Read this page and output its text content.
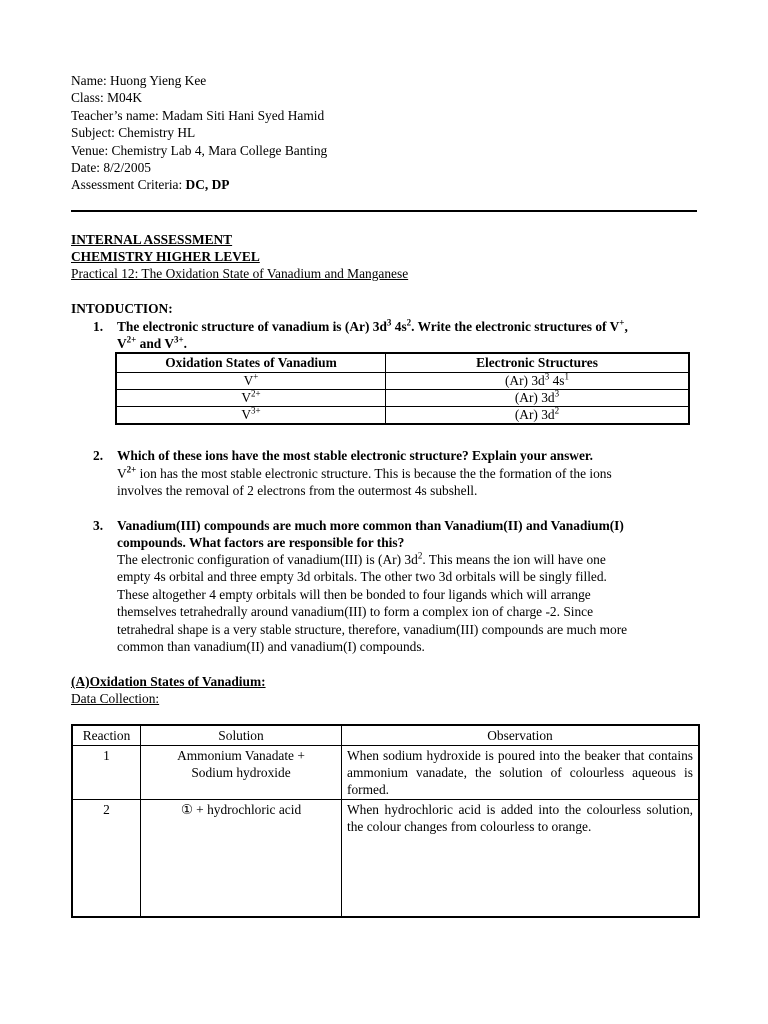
Name: Huong Yieng Kee
Class: M04K
Teacher’s name: Madam Siti Hani Syed Hamid
Subject: Chemistry HL
Venue: Chemistry Lab 4, Mara College Banting
Date: 8/2/2005
Assessment Criteria: DC, DP
INTERNAL ASSESSMENT
CHEMISTRY HIGHER LEVEL
Practical 12: The Oxidation State of Vanadium and Manganese
INTODUCTION:
1. The electronic structure of vanadium is (Ar) $3d^3$ $4s^2$. Write the electronic structures of V+,
$V^{2+}$ and $V^{3+}$.
Oxidation States of Vanadium	Electronic Structures
V+	(Ar) $3d^3$ $4s^1$
$V^{2+}$	(Ar) $3d^3$
$V^{3+}$	(Ar) $3d^2$
2. Which of these ions have the most stable electronic structure? Explain your answer.
$V^{2+}$ ion has the most stable electronic structure. This is because the the formation of the ions
involves the removal of 2 electrons from the outermost 4s subshell.
3. Vanadium(III) compounds are much more common than Vanadium(II) and Vanadium(I)
compounds. What factors are responsible for this?
The electronic configuration of vanadium(III) is (Ar) $3d^2$. This means the ion will have one
empty 4s orbital and three empty 3d orbitals. The other two 3d orbitals will be singly filled.
These altogether 4 empty orbitals will then be bonded to four ligands which will arrange
themselves tetrahedrally around vanadium(III) to form a complex ion of charge -2. Since
tetrahedral shape is a very stable structure, therefore, vanadium(III) compounds are much more
common than vanadium(II) and vanadium(I) compounds.
(A)Oxidation States of Vanadium:
Data Collection:
Reaction	Solution	Observation
1	Ammonium Vanadate +
Sodium hydroxide	When sodium hydroxide is poured into the beaker that contains ammonium vanadate, the solution of colourless aqueous is formed.
2	① + hydrochloric acid	When hydrochloric acid is added into the colourless solution, the colour changes from colourless to orange.
